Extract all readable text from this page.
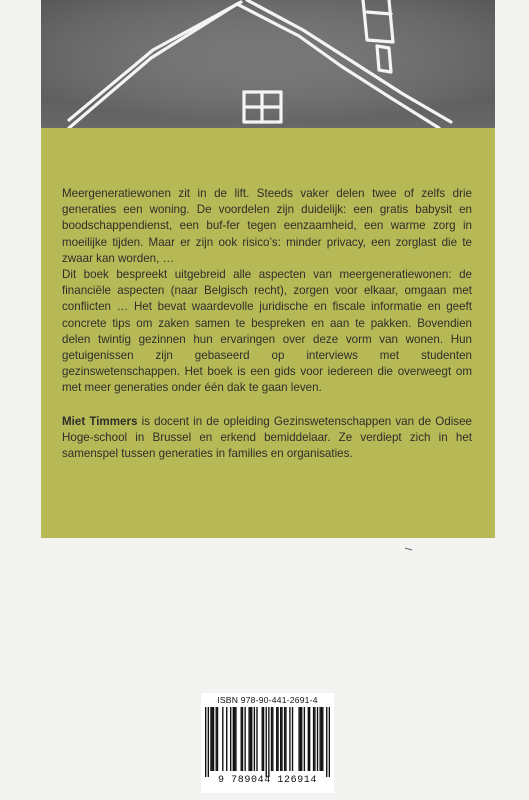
Meergeneratiewonen zit in de lift. Steeds vaker delen twee of zelfs drie generaties een woning. De voordelen zijn duidelijk: een gratis babysit en boodschappendienst, een buf-fer tegen eenzaamheid, een warme zorg in moeilijke tijden. Maar er zijn ook risico’s: minder privacy, een zorglast die te zwaar kan worden, …

Dit boek bespreekt uitgebreid alle aspecten van meergeneratiewonen: de financiële aspecten (naar Belgisch recht), zorgen voor elkaar, omgaan met conflicten … Het bevat waardevolle juridische en fiscale informatie en geeft concrete tips om zaken samen te bespreken en aan te pakken. Bovendien delen twintig gezinnen hun ervaringen over deze vorm van wonen. Hun getuigenissen zijn gebaseerd op interviews met studenten gezinswetenschappen. Het boek is een gids voor iedereen die overweegt om met meer generaties onder één dak te gaan leven.

Miet Timmers is docent in de opleiding Gezinswetenschappen van de Odisee Hoge-school in Brussel en erkend bemiddelaar. Ze verdiept zich in het samenspel tussen generaties in families en organisaties.

ISBN 978-90-441-2691-4
9 789044 126914
